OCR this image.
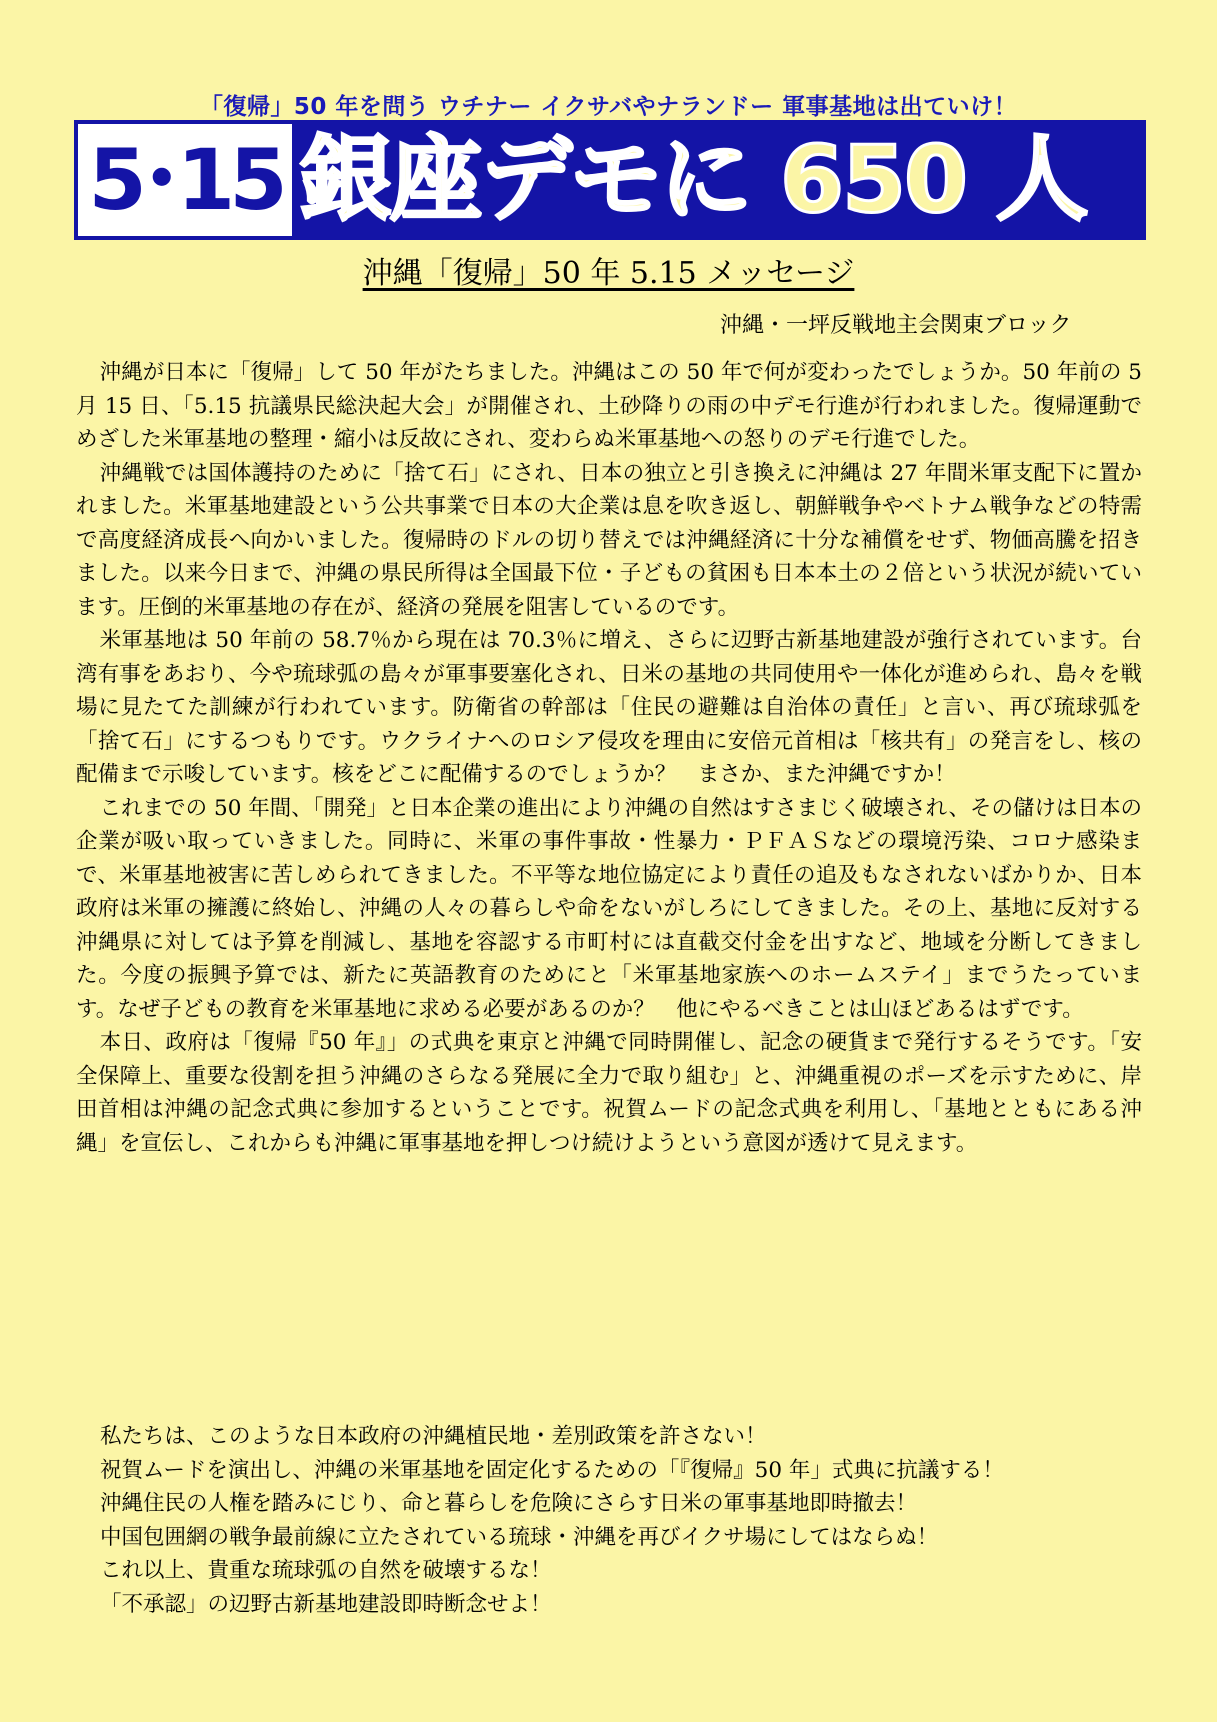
「復帰」50 年を問う ウチナー イクサバやナランドー 軍事基地は出ていけ！
5･15 銀座デモに 650 人
沖縄「復帰」50 年 5.15 メッセージ
沖縄・一坪反戦地主会関東ブロック

沖縄が日本に「復帰」して 50 年がたちました。沖縄はこの 50 年で何が変わったでしょうか。50 年前の 5 月 15 日、「5.15 抗議県民総決起大会」が開催され、土砂降りの雨の中デモ行進が行われました。復帰運動でめざした米軍基地の整理・縮小は反故にされ、変わらぬ米軍基地への怒りのデモ行進でした。

沖縄戦では国体護持のために「捨て石」にされ、日本の独立と引き換えに沖縄は 27 年間米軍支配下に置かれました。米軍基地建設という公共事業で日本の大企業は息を吹き返し、朝鮮戦争やベトナム戦争などの特需で高度経済成長へ向かいました。復帰時のドルの切り替えでは沖縄経済に十分な補償をせず、物価高騰を招きました。以来今日まで、沖縄の県民所得は全国最下位・子どもの貧困も日本本土の２倍という状況が続いています。圧倒的米軍基地の存在が、経済の発展を阻害しているのです。

米軍基地は 50 年前の 58.7％から現在は 70.3％に増え、さらに辺野古新基地建設が強行されています。台湾有事をあおり、今や琉球弧の島々が軍事要塞化され、日米の基地の共同使用や一体化が進められ、島々を戦場に見たてた訓練が行われています。防衛省の幹部は「住民の避難は自治体の責任」と言い、再び琉球弧を「捨て石」にするつもりです。ウクライナへのロシア侵攻を理由に安倍元首相は「核共有」の発言をし、核の配備まで示唆しています。核をどこに配備するのでしょうか？　まさか、また沖縄ですか！

これまでの 50 年間、「開発」と日本企業の進出により沖縄の自然はすさまじく破壊され、その儲けは日本の企業が吸い取っていきました。同時に、米軍の事件事故・性暴力・ＰＦＡＳなどの環境汚染、コロナ感染まで、米軍基地被害に苦しめられてきました。不平等な地位協定により責任の追及もなされないばかりか、日本政府は米軍の擁護に終始し、沖縄の人々の暮らしや命をないがしろにしてきました。その上、基地に反対する沖縄県に対しては予算を削減し、基地を容認する市町村には直截交付金を出すなど、地域を分断してきました。今度の振興予算では、新たに英語教育のためにと「米軍基地家族へのホームステイ」までうたっています。なぜ子どもの教育を米軍基地に求める必要があるのか？　他にやるべきことは山ほどあるはずです。

本日、政府は「復帰『50 年』」の式典を東京と沖縄で同時開催し、記念の硬貨まで発行するそうです。「安全保障上、重要な役割を担う沖縄のさらなる発展に全力で取り組む」と、沖縄重視のポーズを示すために、岸田首相は沖縄の記念式典に参加するということです。祝賀ムードの記念式典を利用し、「基地とともにある沖縄」を宣伝し、これからも沖縄に軍事基地を押しつけ続けようという意図が透けて見えます。

私たちは、このような日本政府の沖縄植民地・差別政策を許さない！
祝賀ムードを演出し、沖縄の米軍基地を固定化するための「『復帰』50 年」式典に抗議する！
沖縄住民の人権を踏みにじり、命と暮らしを危険にさらす日米の軍事基地即時撤去！
中国包囲網の戦争最前線に立たされている琉球・沖縄を再びイクサ場にしてはならぬ！
これ以上、貴重な琉球弧の自然を破壊するな！
「不承認」の辺野古新基地建設即時断念せよ！
